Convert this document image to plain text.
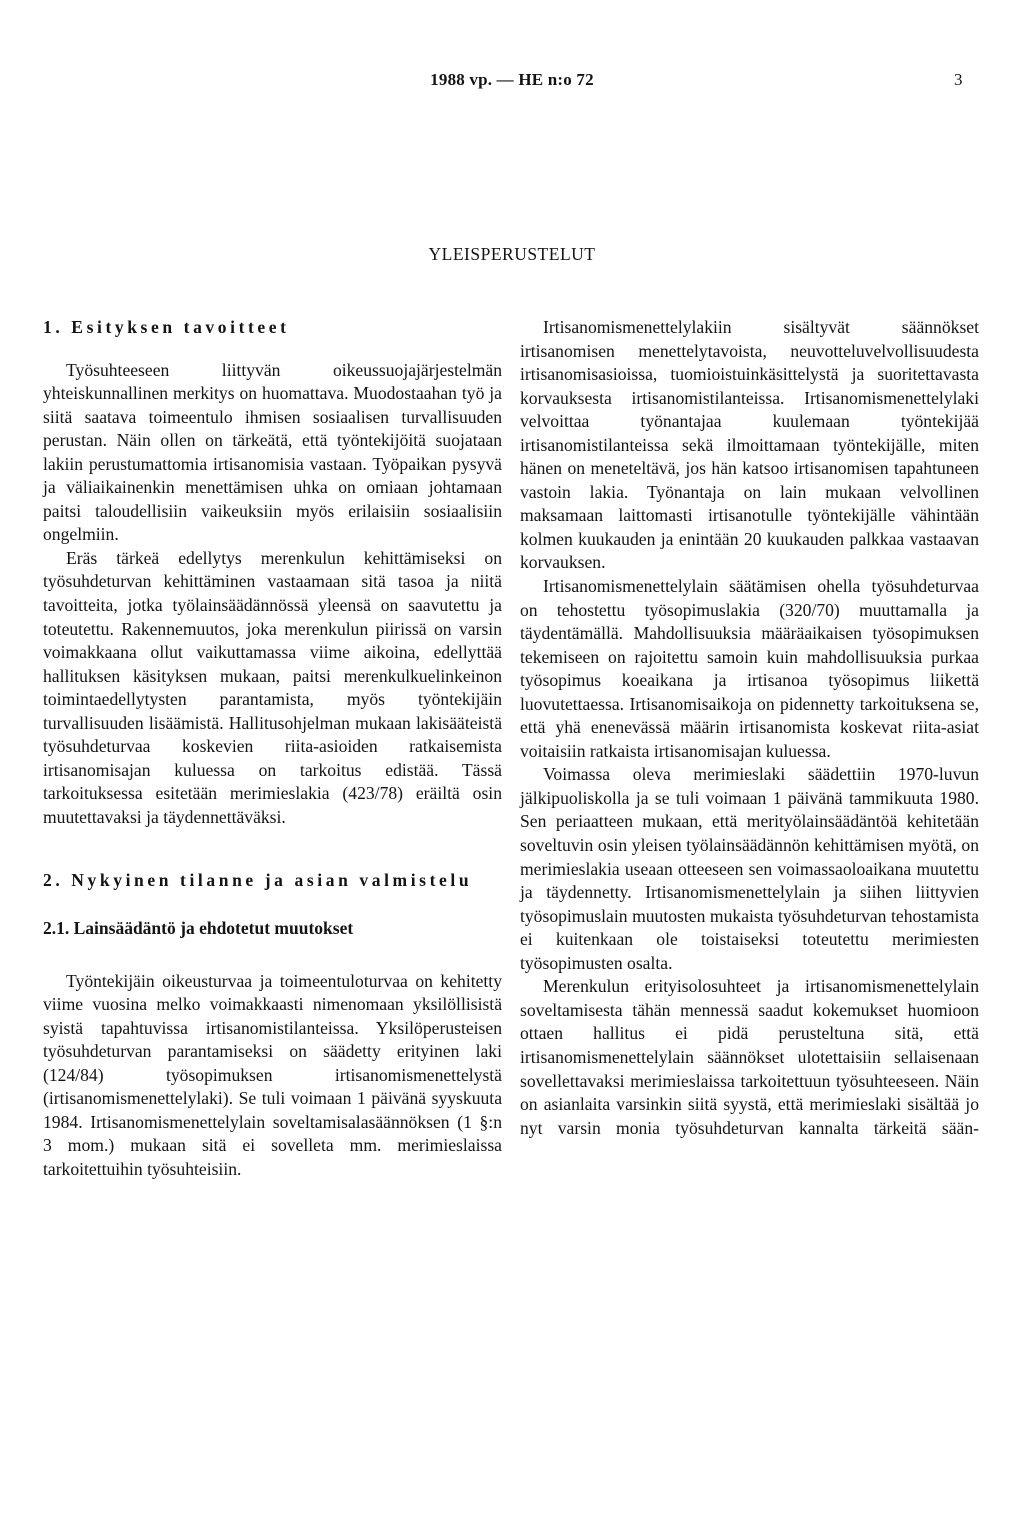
1988 vp. — HE n:o 72	3
YLEISPERUSTELUT
1. Esityksen tavoitteet

Työsuhteeseen liittyvän oikeussuojajärjestelmän yhteiskunnallinen merkitys on huomattava. Muodostaahan työ ja siitä saatava toimeentulo ihmisen sosiaalisen turvallisuuden perustan. Näin ollen on tärkeätä, että työntekijöitä suojataan lakiin perustumattomia irtisanomisia vastaan. Työpaikan pysyvä ja väliaikainenkin menettämisen uhka on omiaan johtamaan paitsi taloudellisiin vaikeuksiin myös erilaisiin sosiaalisiin ongelmiin.

Eräs tärkeä edellytys merenkulun kehittämiseksi on työsuhdeturvan kehittäminen vastaamaan sitä tasoa ja niitä tavoitteita, jotka työlainsäädännössä yleensä on saavutettu ja toteutettu. Rakennemuutos, joka merenkulun piirissä on varsin voimakkaana ollut vaikuttamassa viime aikoina, edellyttää hallituksen käsityksen mukaan, paitsi merenkulkuelinkeinon toimintaedellytysten parantamista, myös työntekijäin turvallisuuden lisäämistä. Hallitusohjelman mukaan lakisääteistä työsuhdeturvaa koskevien riita-asioiden ratkaisemista irtisanomisajan kuluessa on tarkoitus edistää. Tässä tarkoituksessa esitetään merimieslakia (423/78) eräiltä osin muutettavaksi ja täydennettäväksi.

2. Nykyinen tilanne ja asian valmistelu
2.1. Lainsäädäntö ja ehdotetut muutokset

Työntekijäin oikeusturvaa ja toimeentuloturvaa on kehitetty viime vuosina melko voimakkaasti nimenomaan yksilöllisistä syistä tapahtuvissa irtisanomistilanteissa. Yksilöperusteisen työsuhdeturvan parantamiseksi on säädetty erityinen laki (124/84) työsopimuksen irtisanomismenettelystä (irtisanomismenettelylaki). Se tuli voimaan 1 päivänä syyskuuta 1984. Irtisanomismenettelylain soveltamisalasäännöksen (1 §:n 3 mom.) mukaan sitä ei sovelleta mm. merimieslaissa tarkoitettuihin työsuhteisiin.

Irtisanomismenettelylakiin sisältyvät säännökset irtisanomisen menettelytavoista, neuvotteluvelvollisuudesta irtisanomisasioissa, tuomioistuinkäsittelystä ja suoritettavasta korvauksesta irtisanomistilanteissa. Irtisanomismenettelylaki velvoittaa työnantajaa kuulemaan työntekijää irtisanomistilanteissa sekä ilmoittamaan työntekijälle, miten hänen on meneteltävä, jos hän katsoo irtisanomisen tapahtuneen vastoin lakia. Työnantaja on lain mukaan velvollinen maksamaan laittomasti irtisanotulle työntekijälle vähintään kolmen kuukauden ja enintään 20 kuukauden palkkaa vastaavan korvauksen.

Irtisanomismenettelylain säätämisen ohella työsuhdeturvaa on tehostettu työsopimuslakia (320/70) muuttamalla ja täydentämällä. Mahdollisuuksia määräaikaisen työsopimuksen tekemiseen on rajoitettu samoin kuin mahdollisuuksia purkaa työsopimus koeaikana ja irtisanoa työsopimus liikettä luovutettaessa. Irtisanomisaikoja on pidennetty tarkoituksena se, että yhä enenevässä määrin irtisanomista koskevat riita-asiat voitaisiin ratkaista irtisanomisajan kuluessa.

Voimassa oleva merimieslaki säädettiin 1970-luvun jälkipuoliskolla ja se tuli voimaan 1 päivänä tammikuuta 1980. Sen periaatteen mukaan, että merityölainsäädäntöä kehitetään soveltuvin osin yleisen työlainsäädännön kehittämisen myötä, on merimieslakia useaan otteeseen sen voimassaoloaikana muutettu ja täydennetty. Irtisanomismenettelylain ja siihen liittyvien työsopimuslain muutosten mukaista työsuhdeturvan tehostamista ei kuitenkaan ole toistaiseksi toteutettu merimiesten työsopimusten osalta.

Merenkulun erityisolosuhteet ja irtisanomismenettelylain soveltamisesta tähän mennessä saadut kokemukset huomioon ottaen hallitus ei pidä perusteltuna sitä, että irtisanomismenettelylain säännökset ulotettaisiin sellaisenaan sovellettavaksi merimieslaissa tarkoitettuun työsuhteeseen. Näin on asianlaita varsinkin siitä syystä, että merimieslaki sisältää jo nyt varsin monia työsuhdeturvan kannalta tärkeitä sään-
